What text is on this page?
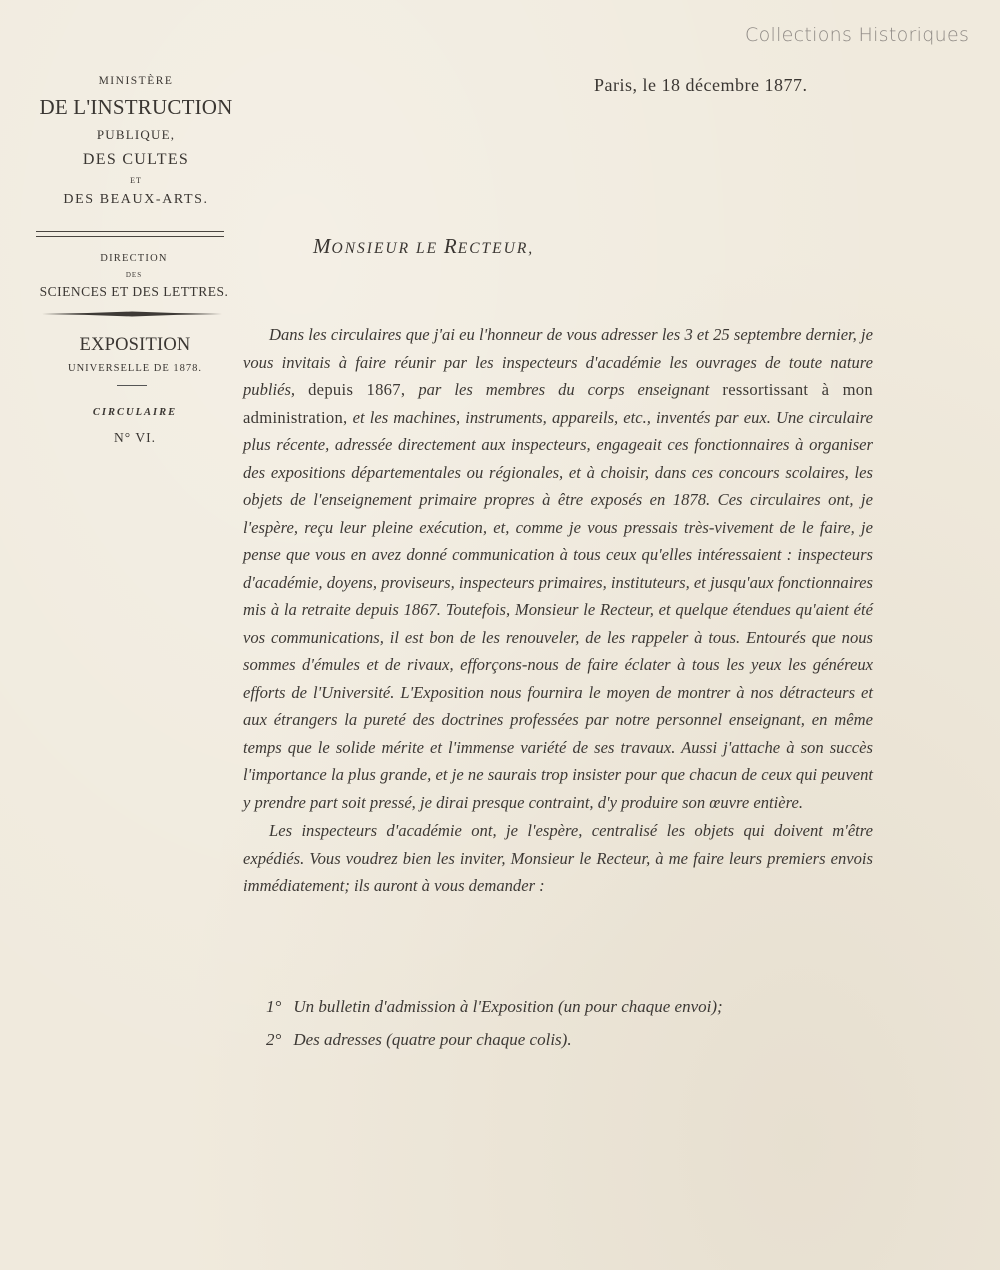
Collections Historiques
Paris, le 18 décembre 1877.
MINISTÈRE
DE L'INSTRUCTION
PUBLIQUE,
DES CULTES
ET
DES BEAUX-ARTS.
DIRECTION
DES
SCIENCES ET DES LETTRES.
EXPOSITION
UNIVERSELLE DE 1878.
CIRCULAIRE
N° VI.
MONSIEUR LE RECTEUR,

Dans les circulaires que j'ai eu l'honneur de vous adresser les 3 et 25 septembre dernier, je vous invitais à faire réunir par les inspecteurs d'académie les ouvrages de toute nature publiés, depuis 1867, par les membres du corps enseignant ressortissant à mon administration, et les machines, instruments, appareils, etc., inventés par eux. Une circulaire plus récente, adressée directement aux inspecteurs, engageait ces fonctionnaires à organiser des expositions départementales ou régionales, et à choisir, dans ces concours scolaires, les objets de l'enseignement primaire propres à être exposés en 1878. Ces circulaires ont, je l'espère, reçu leur pleine exécution, et, comme je vous pressais très-vivement de le faire, je pense que vous en avez donné communication à tous ceux qu'elles intéressaient : inspecteurs d'académie, doyens, proviseurs, inspecteurs primaires, instituteurs, et jusqu'aux fonctionnaires mis à la retraite depuis 1867. Toutefois, Monsieur le Recteur, et quelque étendues qu'aient été vos communications, il est bon de les renouveler, de les rappeler à tous. Entourés que nous sommes d'émules et de rivaux, efforçons-nous de faire éclater à tous les yeux les généreux efforts de l'Université. L'Exposition nous fournira le moyen de montrer à nos détracteurs et aux étrangers la pureté des doctrines professées par notre personnel enseignant, en même temps que le solide mérite et l'immense variété de ses travaux. Aussi j'attache à son succès l'importance la plus grande, et je ne saurais trop insister pour que chacun de ceux qui peuvent y prendre part soit pressé, je dirai presque contraint, d'y produire son œuvre entière.

Les inspecteurs d'académie ont, je l'espère, centralisé les objets qui doivent m'être expédiés. Vous voudrez bien les inviter, Monsieur le Recteur, à me faire leurs premiers envois immédiatement; ils auront à vous demander :

1° Un bulletin d'admission à l'Exposition (un pour chaque envoi);
2° Des adresses (quatre pour chaque colis).
